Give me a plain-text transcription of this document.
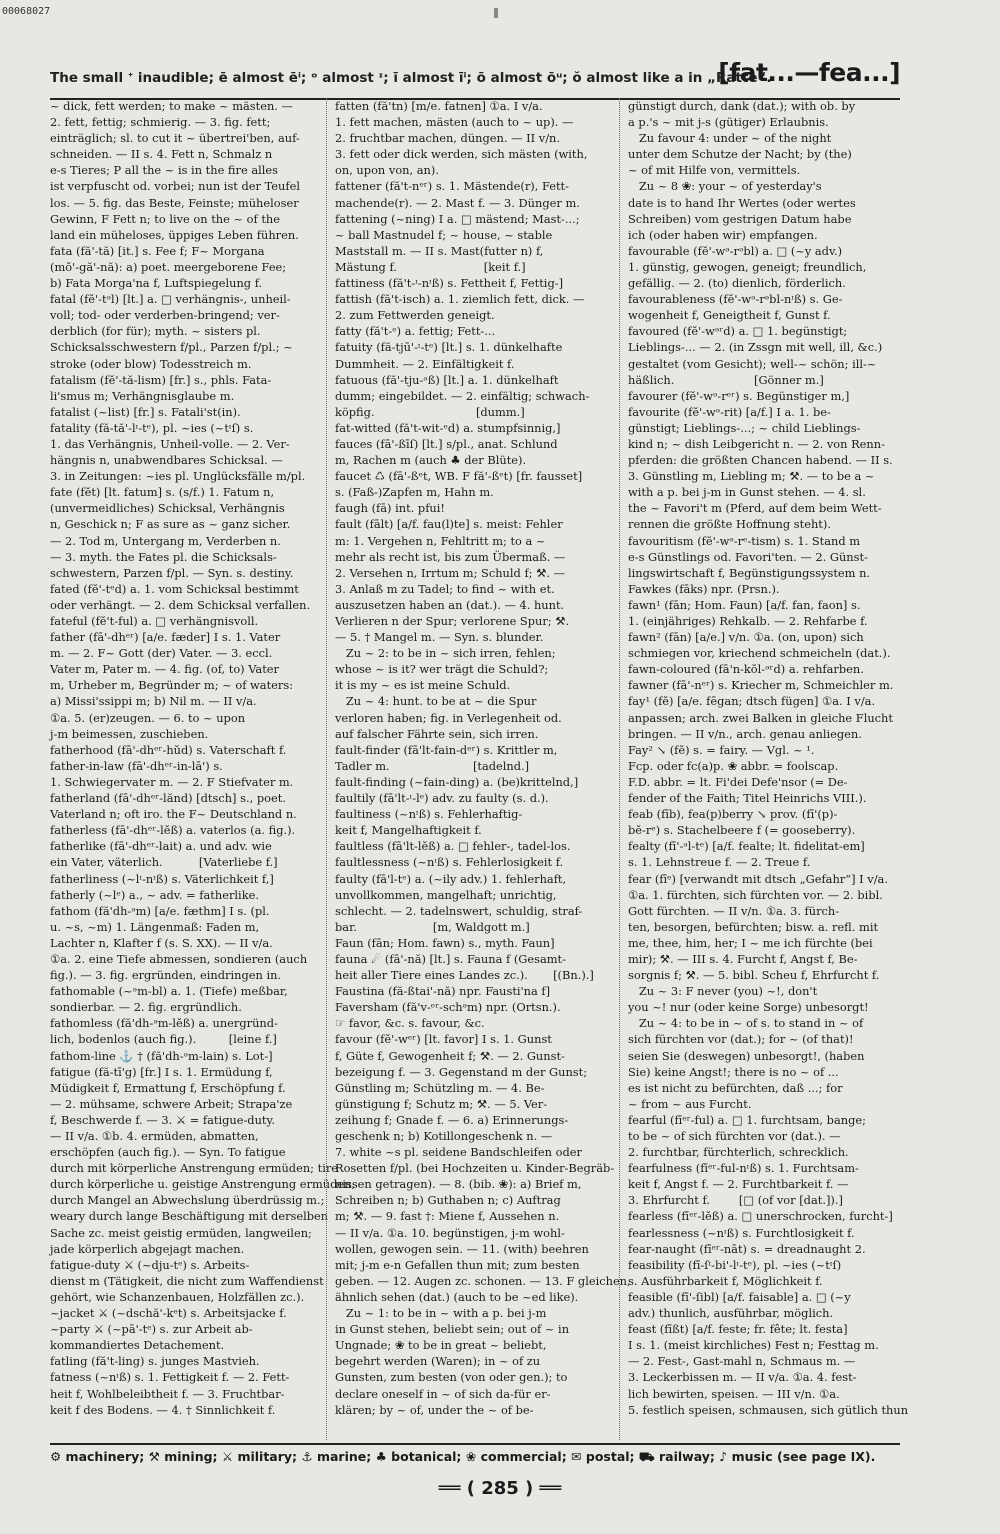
00068027
The small ᐩ inaudible; ē almost ēⁱ; ᵒ almost ᶦ; ī almost īⁱ; ō almost ōᵘ; ŏ almost like a in „Ratte“.
[fat...—fea...]
~ dick, fett werden; to make ~ mästen. —
2. fett, fettig; schmierig. — 3. fig. fett;
einträglich; sl. to cut it ~ übertrei'ben, auf-
schneiden. — II s. 4. Fett n, Schmalz n
e-s Tieres; P all the ~ is in the fire alles
ist verpfuscht od. vorbei; nun ist der Teufel
los. — 5. fig. das Beste, Feinste; müheloser
Gewinn, F Fett n; to live on the ~ of the
land ein müheloses, üppiges Leben führen.
fata (fă'-tă) [it.] s. Fee f; F~ Morgana
(mŏ'-gă'-nă): a) poet. meergeborene Fee;
b) Fata Morga'na f, Luftspiegelung f.
fatal (fĕ'-tᵊl) [lt.] a. □ verhängnis-, unheil-
voll; tod- oder verderben-bringend; ver-
derblich (for für); myth. ~ sisters pl.
Schicksalsschwestern f/pl., Parzen f/pl.; ~
stroke (oder blow) Todesstreich m.
fatalism (fĕ'-tă-lism) [fr.] s., phls. Fata-
li'smus m; Verhängnisglaube m.
fatalist (~list) [fr.] s. Fatali'st(in).
fatality (fă-tă'-lᶦ-tᵉ), pl. ~ies (~tᶦſ) s.
1. das Verhängnis, Unheil-volle. — 2. Ver-
hängnis n, unabwendbares Schicksal. —
3. in Zeitungen: ~ies pl. Unglücksfälle m/pl.
fate (fĕt) [lt. fatum] s. (s/f.) 1. Fatum n,
(unvermeidliches) Schicksal, Verhängnis
n, Geschick n; F as sure as ~ ganz sicher.
— 2. Tod m, Untergang m, Verderben n.
— 3. myth. the Fates pl. die Schicksals-
schwestern, Parzen f/pl. — Syn. s. destiny.
fated (fĕ'-tᵉd) a. 1. vom Schicksal bestimmt
oder verhängt. — 2. dem Schicksal verfallen.
fateful (fĕ't-ful) a. □ verhängnisvoll.
father (fā'-dhᵉʳ) [a/e. fæder] I s. 1. Vater
m. — 2. F~ Gott (der) Vater. — 3. eccl.
Vater m, Pater m. — 4. fig. (of, to) Vater
m, Urheber m, Begründer m; ~ of waters:
a) Missi'ssippi m; b) Nil m. — II v/a.
①a. 5. (er)zeugen. — 6. to ~ upon
j-m beimessen, zuschieben.
fatherhood (fā'-dhᵉʳ-hŭd) s. Vaterschaft f.
father-in-law (fā'-dhᵉʳ-in-lā') s.
1. Schwiegervater m. — 2. F Stiefvater m.
fatherland (fā'-dhᵉʳ-lănd) [dtsch] s., poet.
Vaterland n; oft iro. the F~ Deutschland n.
fatherless (fā'-dhᵉʳ-lĕß) a. vaterlos (a. fig.).
fatherlike (fā'-dhᵉʳ-lait) a. und adv. wie
ein Vater, väterlich.          [Vaterliebe f.]
fatherliness (~lᶦ-nᶦß) s. Väterlichkeit f,]
fatherly (~lᵉ) a., ~ adv. = fatherlike.
fathom (fă'dh-ᵊm) [a/e. fæthm] I s. (pl.
u. ~s, ~m) 1. Längenmaß: Faden m,
Lachter n, Klafter f (s. S. XX). — II v/a.
①a. 2. eine Tiefe abmessen, sondieren (auch
fig.). — 3. fig. ergründen, eindringen in.
fathomable (~ᵊm-bl) a. 1. (Tiefe) meßbar,
sondierbar. — 2. fig. ergründlich.
fathomless (fă'dh-ᵊm-lĕß) a. unergründ-
lich, bodenlos (auch fig.).         [leine f.]
fathom-line ⚓ † (fă'dh-ᵊm-lain) s. Lot-]
fatigue (fă-tī'g) [fr.] I s. 1. Ermüdung f,
Müdigkeit f, Ermattung f, Erschöpfung f.
— 2. mühsame, schwere Arbeit; Strapa'ze
f, Beschwerde f. — 3. ⚔ = fatigue-duty.
— II v/a. ①b. 4. ermüden, abmatten,
erschöpfen (auch fig.). — Syn. To fatigue
durch mit körperliche Anstrengung ermüden; tire
durch körperliche u. geistige Anstrengung ermüden,
durch Mangel an Abwechslung überdrüssig m.;
weary durch lange Beschäftigung mit derselben
Sache zc. meist geistig ermüden, langweilen;
jade körperlich abgejagt machen.
fatigue-duty ⚔ (~dju-tᵉ) s. Arbeits-
dienst m (Tätigkeit, die nicht zum Waffendienst
gehört, wie Schanzenbauen, Holzfällen zc.).
~jacket ⚔ (~dschă'-kᵉt) s. Arbeitsjacke f.
~party ⚔ (~pā'-tᵉ) s. zur Arbeit ab-
kommandiertes Detachement.
fatling (fă't-ling) s. junges Mastvieh.
fatness (~nᶦß) s. 1. Fettigkeit f. — 2. Fett-
heit f, Wohlbeleibtheit f. — 3. Fruchtbar-
keit f des Bodens. — 4. † Sinnlichkeit f.
fatten (fă'tn) [m/e. fatnen] ①a. I v/a.
1. fett machen, mästen (auch to ~ up). —
2. fruchtbar machen, düngen. — II v/n.
3. fett oder dick werden, sich mästen (with,
on, upon von, an).
fattener (fă't-nᵉʳ) s. 1. Mästende(r), Fett-
machende(r). — 2. Mast f. — 3. Dünger m.
fattening (~ning) I a. □ mästend; Mast-...;
~ ball Mastnudel f; ~ house, ~ stable
Maststall m. — II s. Mast(futter n) f,
Mästung f.                        [keit f.]
fattiness (fă't-ᶦ-nᶦß) s. Fettheit f, Fettig-]
fattish (fă't-isch) a. 1. ziemlich fett, dick. —
2. zum Fettwerden geneigt.
fatty (fă't-ᵉ) a. fettig; Fett-...
fatuity (fă-tjū'-ᶦ-tᵉ) [lt.] s. 1. dünkelhafte
Dummheit. — 2. Einfältigkeit f.
fatuous (fă'-tju-ᵊß) [lt.] a. 1. dünkelhaft
dumm; eingebildet. — 2. einfältig; schwach-
köpfig.                            [dumm.]
fat-witted (fă't-wit-ᵉd) a. stumpfsinnig,]
fauces (fā'-ßīſ) [lt.] s/pl., anat. Schlund
m, Rachen m (auch ♣ der Blüte).
faucet ♺ (fā'-ßᵉt, WB. F fă'-ßᵉt) [fr. fausset]
s. (Faß-)Zapfen m, Hahn m.
faugh (fā) int. pfui!
fault (fālt) [a/f. fau(l)te] s. meist: Fehler
m: 1. Vergehen n, Fehltritt m; to a ~
mehr als recht ist, bis zum Übermaß. —
2. Versehen n, Irrtum m; Schuld f; ⚒. —
3. Anlaß m zu Tadel; to find ~ with et.
auszusetzen haben an (dat.). — 4. hunt.
Verlieren n der Spur; verlorene Spur; ⚒.
— 5. † Mangel m. — Syn. s. blunder.
Zu ~ 2: to be in ~ sich irren, fehlen;
whose ~ is it? wer trägt die Schuld?;
it is my ~ es ist meine Schuld.
Zu ~ 4: hunt. to be at ~ die Spur
verloren haben; fig. in Verlegenheit od.
auf falscher Fährte sein, sich irren.
fault-finder (fā'lt-fain-dᵉʳ) s. Krittler m,
Tadler m.                       [tadelnd.]
fault-finding (~fain-ding) a. (be)krittelnd,]
faultily (fā'lt-ᶦ-lᵉ) adv. zu faulty (s. d.).
faultiness (~nᶦß) s. Fehlerhaftig-
keit f, Mangelhaftigkeit f.
faultless (fā'lt-lĕß) a. □ fehler-, tadel-los.
faultlessness (~nᶦß) s. Fehlerlosigkeit f.
faulty (fā'l-tᵉ) a. (~ily adv.) 1. fehlerhaft,
unvollkommen, mangelhaft; unrichtig,
schlecht. — 2. tadelnswert, schuldig, straf-
bar.                     [m, Waldgott m.]
Faun (fān; Hom. fawn) s., myth. Faun]
fauna ☄ (fā'-nă) [lt.] s. Fauna f (Gesamt-
heit aller Tiere eines Landes zc.).       [(Bn.).]
Faustina (fă-ßtai'-nă) npr. Fausti'na f]
Faversham (fă'v-ᵉʳ-schᵊm) npr. (Ortsn.).
☞ favor, &c. s. favour, &c.
favour (fĕ'-wᵉʳ) [lt. favor] I s. 1. Gunst
f, Güte f, Gewogenheit f; ⚒. — 2. Gunst-
bezeigung f. — 3. Gegenstand m der Gunst;
Günstling m; Schützling m. — 4. Be-
günstigung f; Schutz m; ⚒. — 5. Ver-
zeihung f; Gnade f. — 6. a) Erinnerungs-
geschenk n; b) Kotillongeschenk n. —
7. white ~s pl. seidene Bandschleifen oder
Rosetten f/pl. (bei Hochzeiten u. Kinder-Begräb-
nissen getragen). — 8. (bib. ❀): a) Brief m,
Schreiben n; b) Guthaben n; c) Auftrag
m; ⚒. — 9. fast †: Miene f, Aussehen n.
— II v/a. ①a. 10. begünstigen, j-m wohl-
wollen, gewogen sein. — 11. (with) beehren
mit; j-m e-n Gefallen thun mit; zum besten
geben. — 12. Augen zc. schonen. — 13. F gleichen,
ähnlich sehen (dat.) (auch to be ~ed like).
Zu ~ 1: to be in ~ with a p. bei j-m
in Gunst stehen, beliebt sein; out of ~ in
Ungnade; ❀ to be in great ~ beliebt,
begehrt werden (Waren); in ~ of zu
Gunsten, zum besten (von oder gen.); to
declare oneself in ~ of sich da-für er-
klären; by ~ of, under the ~ of be-
günstigt durch, dank (dat.); with ob. by
a p.'s ~ mit j-s (gütiger) Erlaubnis.
Zu favour 4: under ~ of the night
unter dem Schutze der Nacht; by (the)
~ of mit Hilfe von, vermittels.
Zu ~ 8 ❀: your ~ of yesterday's
date is to hand Ihr Wertes (oder wertes
Schreiben) vom gestrigen Datum habe
ich (oder haben wir) empfangen.
favourable (fĕ'-wᵊ-rᵊbl) a. □ (~y adv.)
1. günstig, gewogen, geneigt; freundlich,
gefällig. — 2. (to) dienlich, förderlich.
favourableness (fĕ'-wᵊ-rᵊbl-nᶦß) s. Ge-
wogenheit f, Geneigtheit f, Gunst f.
favoured (fĕ'-wᵊʳd) a. □ 1. begünstigt;
Lieblings-... — 2. (in Zssgn mit well, ill, &c.)
gestaltet (vom Gesicht); well-~ schön; ill-~
häßlich.                      [Gönner m.]
favourer (fĕ'-wᵊ-rᵉʳ) s. Begünstiger m,]
favourite (fĕ'-wᵊ-rit) [a/f.] I a. 1. be-
günstigt; Lieblings-...; ~ child Lieblings-
kind n; ~ dish Leibgericht n. — 2. von Renn-
pferden: die größten Chancen habend. — II s.
3. Günstling m, Liebling m; ⚒. — to be a ~
with a p. bei j-m in Gunst stehen. — 4. sl.
the ~ Favori't m (Pferd, auf dem beim Wett-
rennen die größte Hoffnung steht).
favouritism (fĕ'-wᵊ-rᵉ-tism) s. 1. Stand m
e-s Günstlings od. Favori'ten. — 2. Günst-
lingswirtschaft f, Begünstigungssystem n.
Fawkes (fāks) npr. (Prsn.).
fawn¹ (fān; Hom. Faun) [a/f. fan, faon] s.
1. (einjähriges) Rehkalb. — 2. Rehfarbe f.
fawn² (fān) [a/e.] v/n. ①a. (on, upon) sich
schmiegen vor, kriechend schmeicheln (dat.).
fawn-coloured (fā'n-kŏl-ᵊʳd) a. rehfarben.
fawner (fā'-nᵉʳ) s. Kriecher m, Schmeichler m.
fay¹ (fĕ) [a/e. fēgan; dtsch fügen] ①a. I v/a.
anpassen; arch. zwei Balken in gleiche Flucht
bringen. — II v/n., arch. genau anliegen.
Fay² ↘ (fĕ) s. = fairy. — Vgl. ~ ¹.
Fcp. oder fc(a)p. ❀ abbr. = foolscap.
F.D. abbr. = lt. Fi'dei Defe'nsor (= De-
fender of the Faith; Titel Heinrichs VIII.).
feab (fīb), fea(p)berry ↘ prov. (fī'(p)-
bĕ-rᵉ) s. Stachelbeere f (= gooseberry).
fealty (fī'-ᵊl-tᵉ) [a/f. fealte; lt. fidelitat-em]
s. 1. Lehnstreue f. — 2. Treue f.
fear (fīᵉ) [verwandt mit dtsch „Gefahr“] I v/a.
①a. 1. fürchten, sich fürchten vor. — 2. bibl.
Gott fürchten. — II v/n. ①a. 3. fürch-
ten, besorgen, befürchten; bisw. a. refl. mit
me, thee, him, her; I ~ me ich fürchte (bei
mir); ⚒. — III s. 4. Furcht f, Angst f, Be-
sorgnis f; ⚒. — 5. bibl. Scheu f, Ehrfurcht f.
Zu ~ 3: F never (you) ~!, don't
you ~! nur (oder keine Sorge) unbesorgt!
Zu ~ 4: to be in ~ of s. to stand in ~ of
sich fürchten vor (dat.); for ~ (of that)!
seien Sie (deswegen) unbesorgt!, (haben
Sie) keine Angst!; there is no ~ of ...
es ist nicht zu befürchten, daß ...; for
~ from ~ aus Furcht.
fearful (fīᵉʳ-ful) a. □ 1. furchtsam, bange;
to be ~ of sich fürchten vor (dat.). —
2. furchtbar, fürchterlich, schrecklich.
fearfulness (fīᵉʳ-ful-nᶦß) s. 1. Furchtsam-
keit f, Angst f. — 2. Furchtbarkeit f. —
3. Ehrfurcht f.        [□ (of vor [dat.]).]
fearless (fīᵉʳ-lĕß) a. □ unerschrocken, furcht-]
fearlessness (~nᶦß) s. Furchtlosigkeit f.
fear-naught (fīᵉʳ-nāt) s. = dreadnaught 2.
feasibility (fī-ſᶦ-bi'-lᶦ-tᵉ), pl. ~ies (~tᶦſ)
s. Ausführbarkeit f, Möglichkeit f.
feasible (fī'-ſibl) [a/f. faisable] a. □ (~y
adv.) thunlich, ausführbar, möglich.
feast (fīßt) [a/f. feste; fr. fête; lt. festa]
I s. 1. (meist kirchliches) Fest n; Festtag m.
— 2. Fest-, Gast-mahl n, Schmaus m. —
3. Leckerbissen m. — II v/a. ①a. 4. fest-
lich bewirten, speisen. — III v/n. ①a.
5. festlich speisen, schmausen, sich gütlich thun
⚙ machinery; ⚒ mining; ⚔ military; ⚓ marine; ♣ botanical; ❀ commercial; ✉ postal; ⛟ railway; ♪ music (see page IX).
══ ( 285 ) ══
